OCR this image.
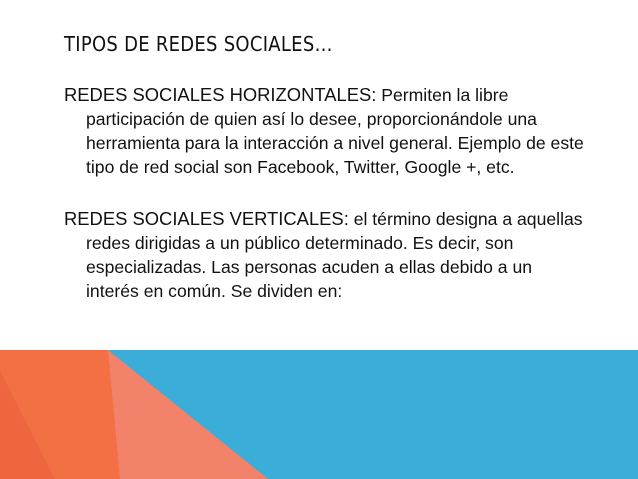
TIPOS DE REDES SOCIALES…

REDES SOCIALES HORIZONTALES: Permiten la libre participación de quien así lo desee, proporcionándole una herramienta para la interacción a nivel general. Ejemplo de este tipo de red social son Facebook, Twitter, Google +, etc.

REDES SOCIALES VERTICALES: el término designa a aquellas redes dirigidas a un público determinado. Es decir, son especializadas. Las personas acuden a ellas debido a un interés en común. Se dividen en:
